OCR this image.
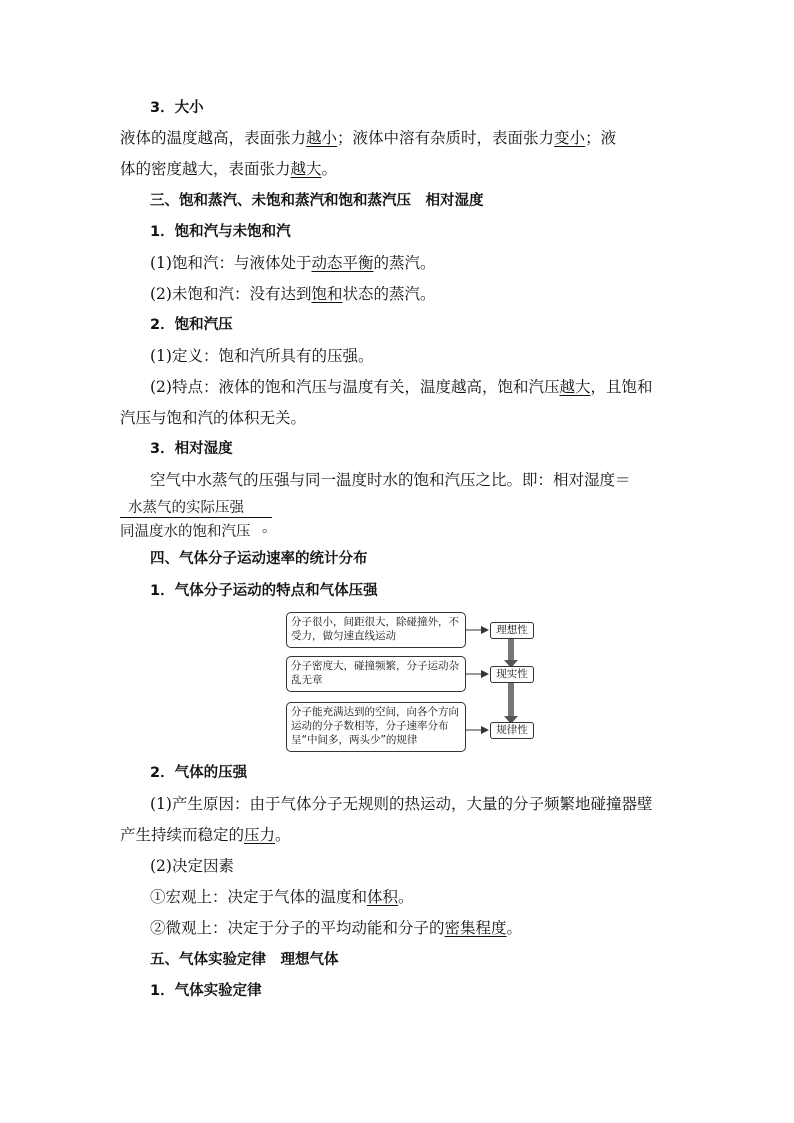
3．大小
液体的温度越高，表面张力越小；液体中溶有杂质时，表面张力变小；液
体的密度越大，表面张力越大。
三、饱和蒸汽、未饱和蒸汽和饱和蒸汽压　相对湿度
1．饱和汽与未饱和汽
(1)饱和汽：与液体处于动态平衡的蒸汽。
(2)未饱和汽：没有达到饱和状态的蒸汽。
2．饱和汽压
(1)定义：饱和汽所具有的压强。
(2)特点：液体的饱和汽压与温度有关，温度越高，饱和汽压越大，且饱和
汽压与饱和汽的体积无关。
3．相对湿度
空气中水蒸气的压强与同一温度时水的饱和汽压之比。即：相对湿度＝
水蒸气的实际压强
同温度水的饱和汽压 。
四、气体分子运动速率的统计分布
1．气体分子运动的特点和气体压强
分子很小，间距很大，除碰撞外，不受力，做匀速直线运动
分子密度大，碰撞频繁，分子运动杂乱无章
分子能充满达到的空间，向各个方向运动的分子数相等，分子速率分布呈“中间多，两头少”的规律
理想性
现实性
规律性
2．气体的压强
(1)产生原因：由于气体分子无规则的热运动，大量的分子频繁地碰撞器壁
产生持续而稳定的压力。
(2)决定因素
①宏观上：决定于气体的温度和体积。
②微观上：决定于分子的平均动能和分子的密集程度。
五、气体实验定律　理想气体
1．气体实验定律
